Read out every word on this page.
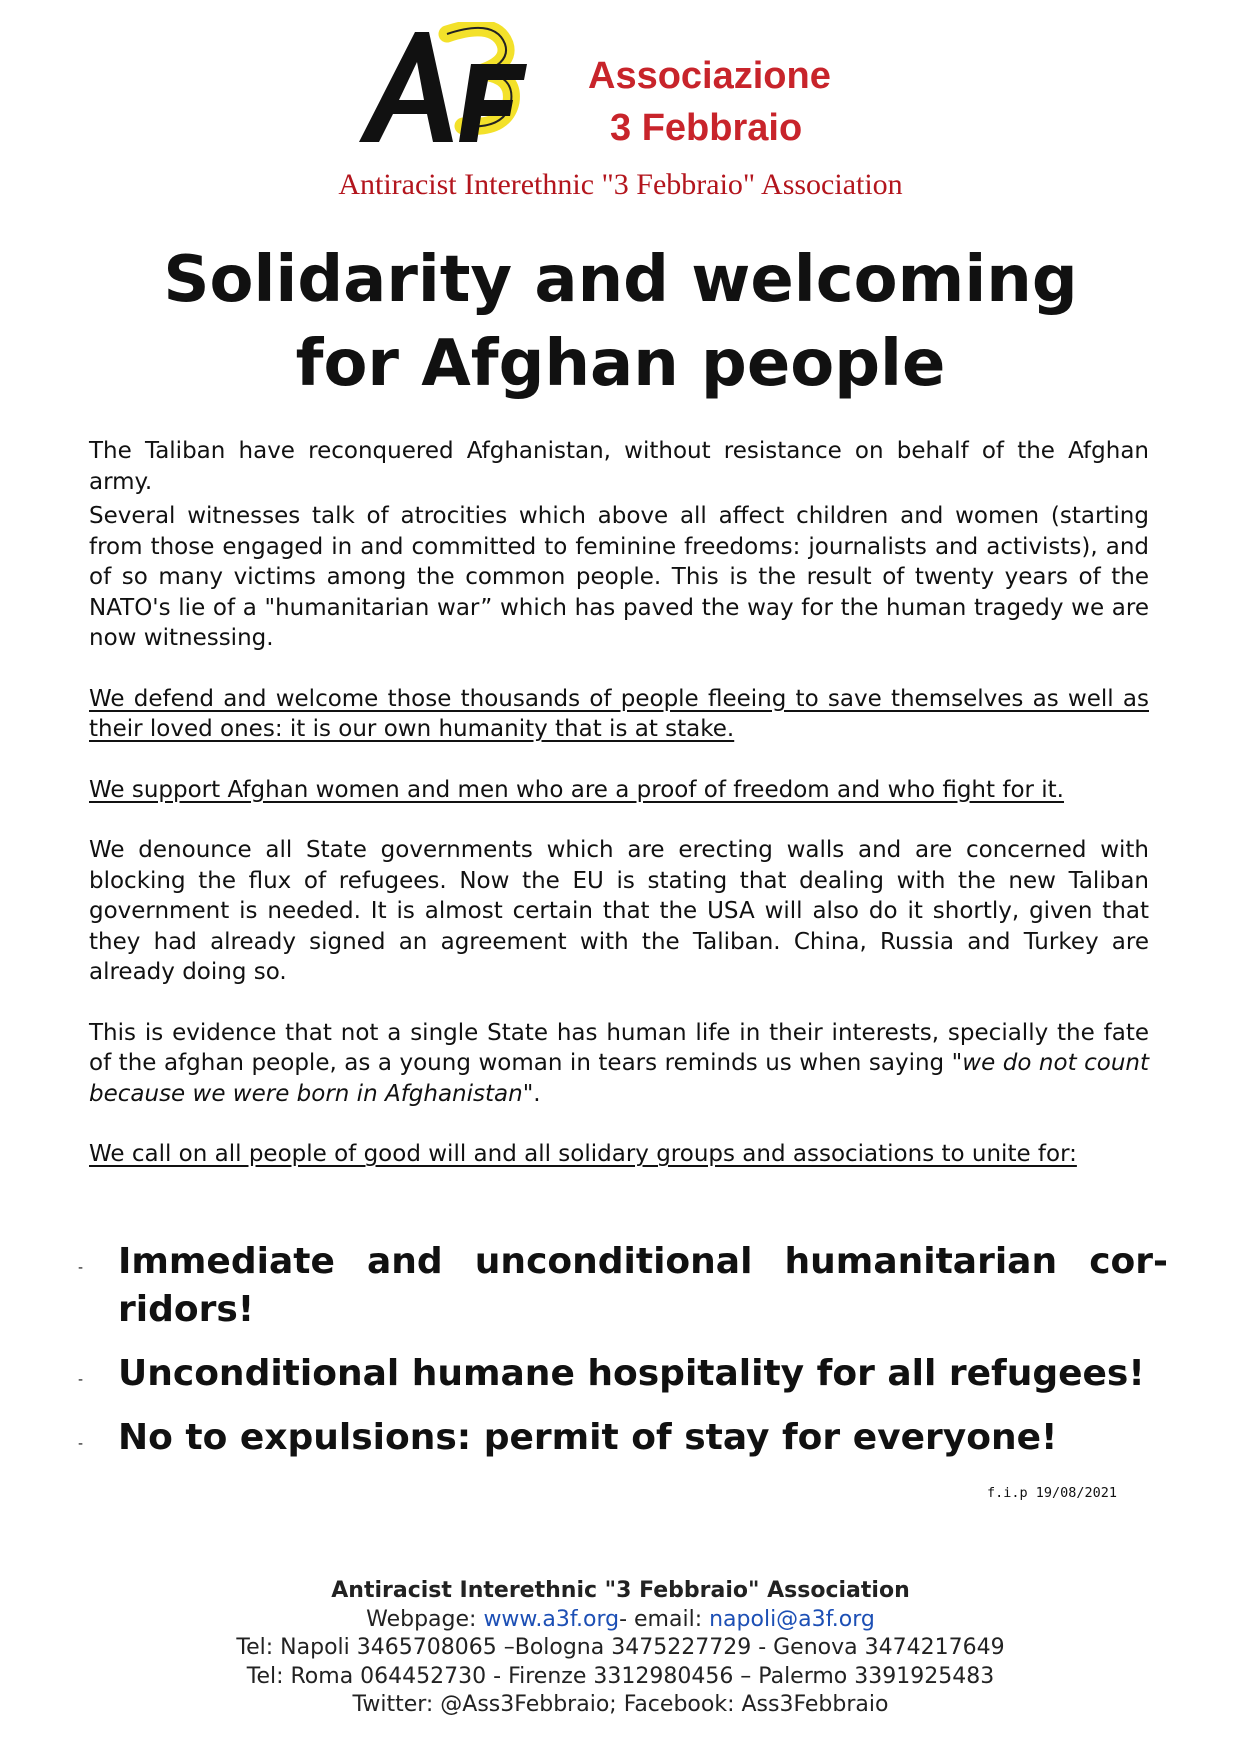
Associazione
3 Febbraio
Antiracist Interethnic "3 Febbraio" Association
Solidarity and welcoming
for Afghan people

The Taliban have reconquered Afghanistan, without resistance on behalf of the Afghan army.

Several witnesses talk of atrocities which above all affect children and women (starting from those engaged in and committed to feminine freedoms: journalists and activists), and of so many victims among the common people. This is the result of twenty years of the NATO's lie of a "humanitarian war” which has paved the way for the human tragedy we are now witnessing.

We defend and welcome those thousands of people fleeing to save themselves as well as their loved ones: it is our own humanity that is at stake.

We support Afghan women and men who are a proof of freedom and who fight for it.

We denounce all State governments which are erecting walls and are concerned with blocking the flux of refugees. Now the EU is stating that dealing with the new Taliban government is needed. It is almost certain that the USA will also do it shortly, given that they had already signed an agreement with the Taliban. China, Russia and Turkey are already doing so.

This is evidence that not a single State has human life in their interests, specially the fate of the afghan people, as a young woman in tears reminds us when saying "we do not count because we were born in Afghanistan".

We call on all people of good will and all solidary groups and associations to unite for:

- Immediate and unconditional humanitarian corridors!
- Unconditional humane hospitality for all refugees!
- No to expulsions: permit of stay for everyone!
f.i.p 19/08/2021
Antiracist Interethnic "3 Febbraio" Association
Webpage: www.a3f.org- email: napoli@a3f.org
Tel: Napoli 3465708065 –Bologna 3475227729 - Genova 3474217649
Tel: Roma 064452730 - Firenze 3312980456 – Palermo 3391925483
Twitter: @Ass3Febbraio; Facebook: Ass3Febbraio
